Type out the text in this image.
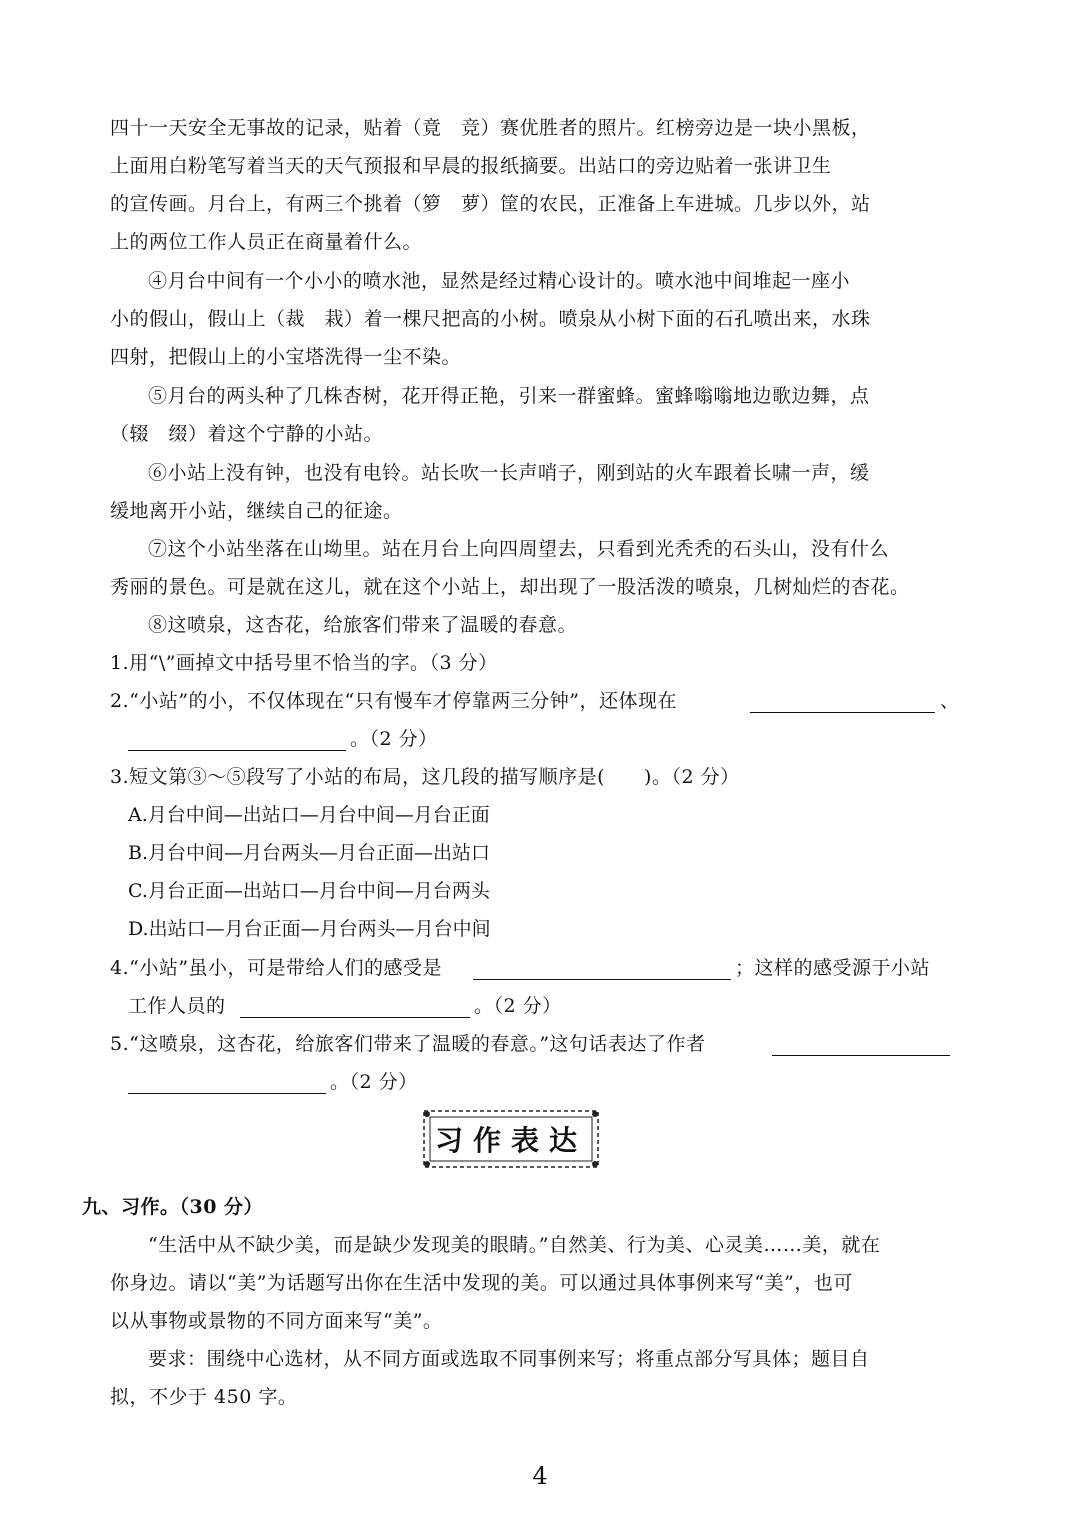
四十一天安全无事故的记录，贴着（竟　竞）赛优胜者的照片。红榜旁边是一块小黑板，
上面用白粉笔写着当天的天气预报和早晨的报纸摘要。出站口的旁边贴着一张讲卫生
的宣传画。月台上，有两三个挑着（箩　萝）筐的农民，正准备上车进城。几步以外，站
上的两位工作人员正在商量着什么。
④月台中间有一个小小的喷水池，显然是经过精心设计的。喷水池中间堆起一座小
小的假山，假山上（裁　栽）着一棵尺把高的小树。喷泉从小树下面的石孔喷出来，水珠
四射，把假山上的小宝塔洗得一尘不染。
⑤月台的两头种了几株杏树，花开得正艳，引来一群蜜蜂。蜜蜂嗡嗡地边歌边舞，点
（辍　缀）着这个宁静的小站。
⑥小站上没有钟，也没有电铃。站长吹一长声哨子，刚到站的火车跟着长啸一声，缓
缓地离开小站，继续自己的征途。
⑦这个小站坐落在山坳里。站在月台上向四周望去，只看到光秃秃的石头山，没有什么
秀丽的景色。可是就在这儿，就在这个小站上，却出现了一股活泼的喷泉，几树灿烂的杏花。
⑧这喷泉，这杏花，给旅客们带来了温暖的春意。
1.用“\”画掉文中括号里不恰当的字。（3 分）
2.“小站”的小，不仅体现在“只有慢车才停靠两三分钟”，还体现在	、
。（2 分）
3.短文第③～⑤段写了小站的布局，这几段的描写顺序是(　　)。（2 分）
A.月台中间—出站口—月台中间—月台正面
B.月台中间—月台两头—月台正面—出站口
C.月台正面—出站口—月台中间—月台两头
D.出站口—月台正面—月台两头—月台中间
4.“小站”虽小，可是带给人们的感受是	；这样的感受源于小站
工作人员的	。（2 分）
5.“这喷泉，这杏花，给旅客们带来了温暖的春意。”这句话表达了作者
。（2 分）
习作表达
九、习作。（30 分）
“生活中从不缺少美，而是缺少发现美的眼睛。”自然美、行为美、心灵美……美，就在
你身边。请以“美”为话题写出你在生活中发现的美。可以通过具体事例来写“美”，也可
以从事物或景物的不同方面来写“美”。
要求：围绕中心选材，从不同方面或选取不同事例来写；将重点部分写具体；题目自
拟，不少于 450 字。
4
